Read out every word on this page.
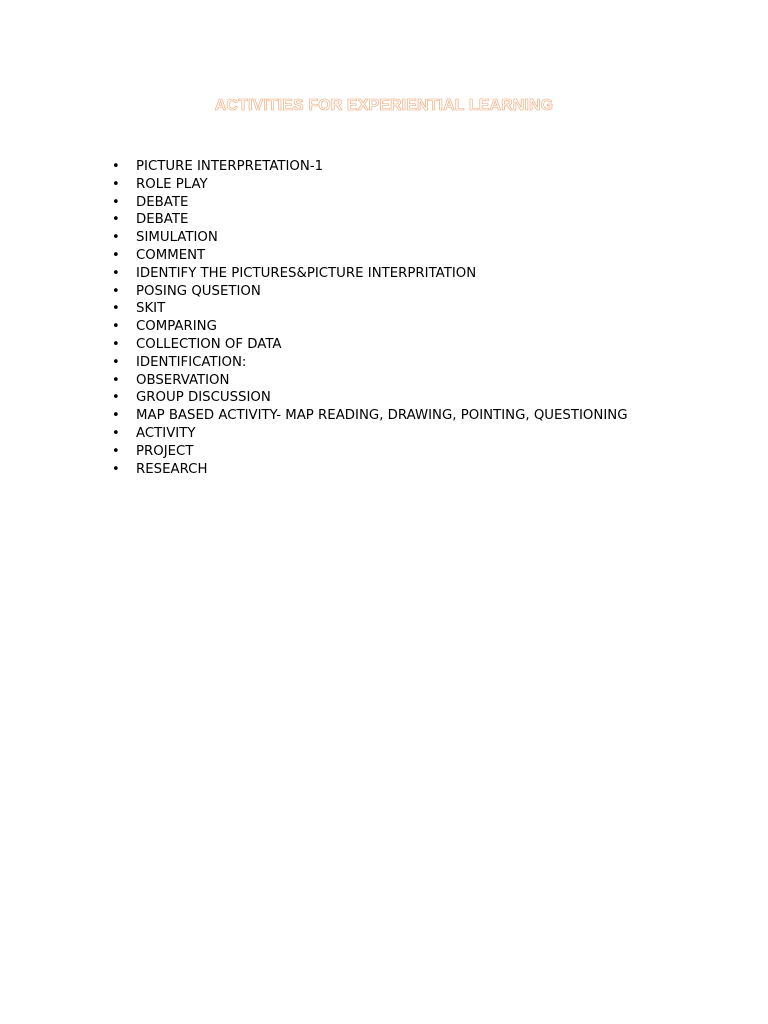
ACTIVITIES FOR EXPERIENTIAL LEARNING
• PICTURE INTERPRETATION-1
• ROLE PLAY
• DEBATE
• DEBATE
• SIMULATION
• COMMENT
• IDENTIFY THE PICTURES&PICTURE INTERPRITATION
• POSING QUSETION
• SKIT
• COMPARING
• COLLECTION OF DATA
• IDENTIFICATION:
• OBSERVATION
• GROUP DISCUSSION
• MAP BASED ACTIVITY- MAP READING, DRAWING, POINTING, QUESTIONING
• ACTIVITY
• PROJECT
• RESEARCH
